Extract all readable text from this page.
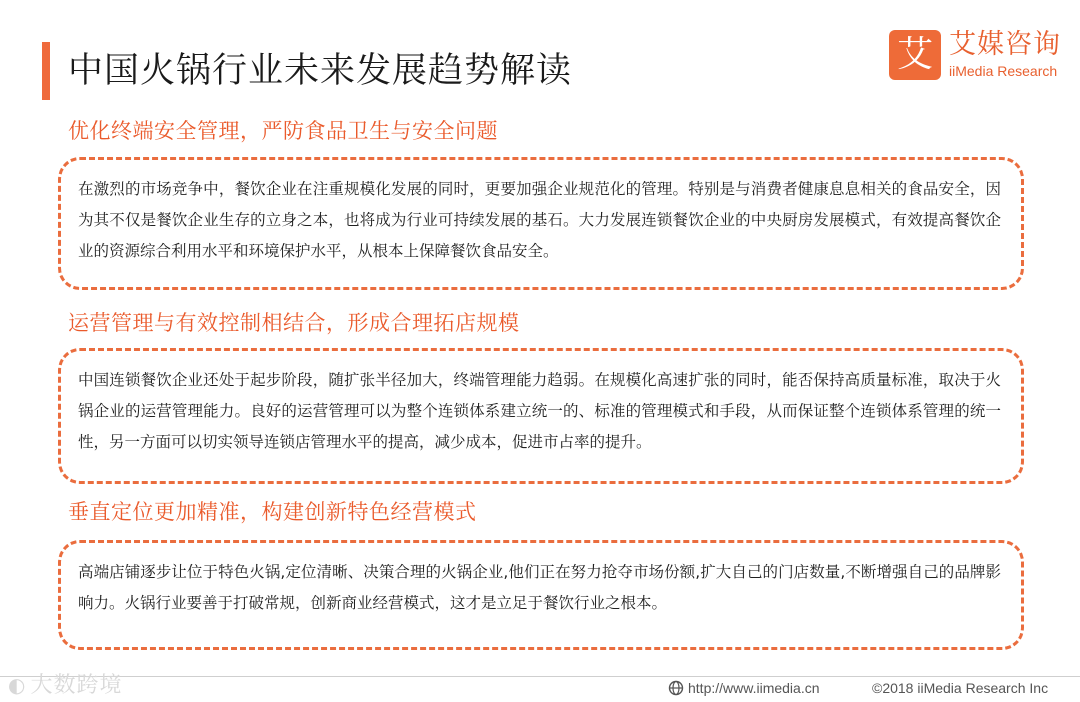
中国火锅行业未来发展趋势解读	艾 艾媒咨询
iiMedia Research
优化终端安全管理，严防食品卫生与安全问题
在激烈的市场竞争中，餐饮企业在注重规模化发展的同时，更要加强企业规范化的管理。特别是与消费者健康息息相关的食品安全，因为其不仅是餐饮企业生存的立身之本，也将成为行业可持续发展的基石。大力发展连锁餐饮企业的中央厨房发展模式，有效提高餐饮企业的资源综合利用水平和环境保护水平，从根本上保障餐饮食品安全。
运营管理与有效控制相结合，形成合理拓店规模
中国连锁餐饮企业还处于起步阶段，随扩张半径加大，终端管理能力趋弱。在规模化高速扩张的同时，能否保持高质量标准，取决于火锅企业的运营管理能力。良好的运营管理可以为整个连锁体系建立统一的、标准的管理模式和手段，从而保证整个连锁体系管理的统一性，另一方面可以切实领导连锁店管理水平的提高，减少成本，促进市占率的提升。
垂直定位更加精准，构建创新特色经营模式
高端店铺逐步让位于特色火锅,定位清晰、决策合理的火锅企业,他们正在努力抢夺市场份额,扩大自己的门店数量,不断增强自己的品牌影响力。火锅行业要善于打破常规，创新商业经营模式，这才是立足于餐饮行业之根本。
◐ 大数跨境	http://www.iimedia.cn	©2018 iiMedia Research Inc
